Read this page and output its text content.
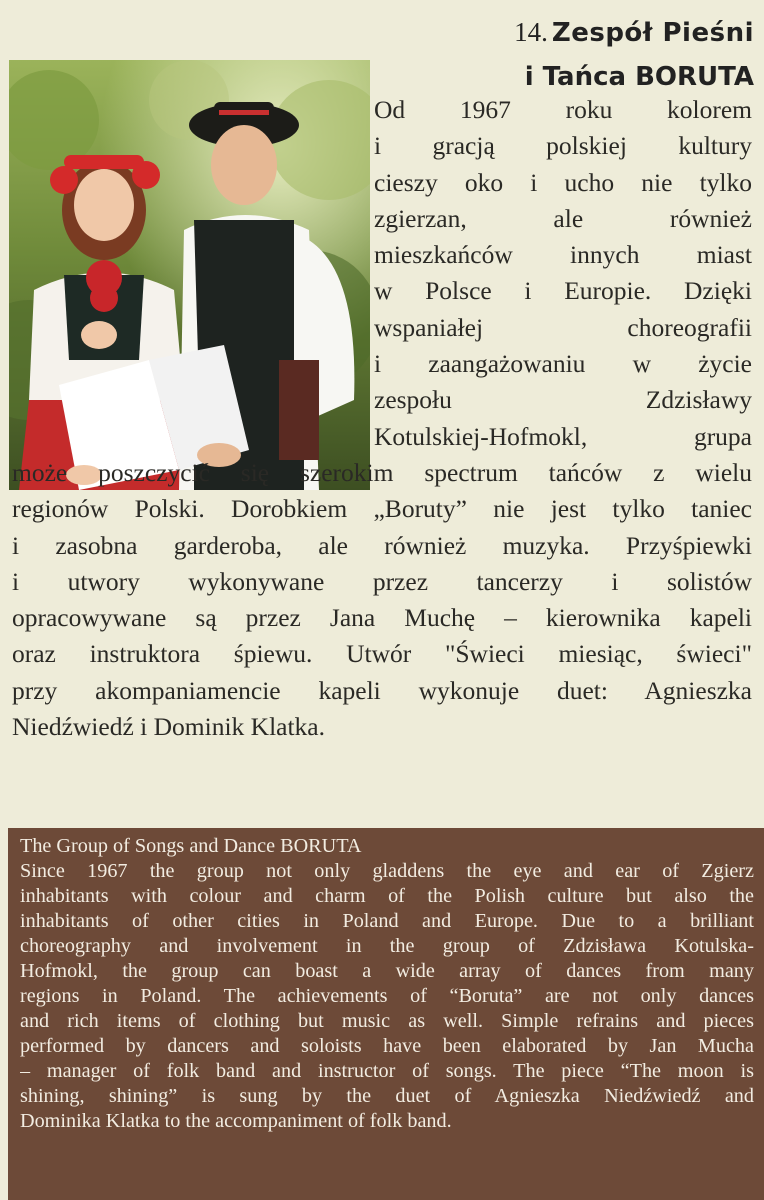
14. Zespół Pieśni
i Tańca BORUTA
Od 1967 roku kolorem
i gracją polskiej kultury
cieszy oko i ucho nie tylko
zgierzan, ale również
mieszkańców innych miast
w Polsce i Europie. Dzięki
wspaniałej choreografii
i zaangażowaniu w życie
zespołu Zdzisławy
Kotulskiej-Hofmokl, grupa
może poszczycić się szerokim spectrum tańców z wielu
regionów Polski. Dorobkiem „Boruty” nie jest tylko taniec
i zasobna garderoba, ale również muzyka. Przyśpiewki
i utwory wykonywane przez tancerzy i solistów
opracowywane są przez Jana Muchę – kierownika kapeli
oraz instruktora śpiewu. Utwór "Świeci miesiąc, świeci"
przy akompaniamencie kapeli wykonuje duet: Agnieszka
Niedźwiedź i Dominik Klatka.
The Group of Songs and Dance BORUTA
Since 1967 the group not only gladdens the eye and ear of Zgierz
inhabitants with colour and charm of the Polish culture but also the
inhabitants of other cities in Poland and Europe. Due to a brilliant
choreography and involvement in the group of Zdzisława Kotulska-
Hofmokl, the group can boast a wide array of dances from many
regions in Poland. The achievements of “Boruta” are not only dances
and rich items of clothing but music as well. Simple refrains and pieces
performed by dancers and soloists have been elaborated by Jan Mucha
– manager of folk band and instructor of songs. The piece “The moon is
shining, shining” is sung by the duet of Agnieszka Niedźwiedź and
Dominika Klatka to the accompaniment of folk band.
